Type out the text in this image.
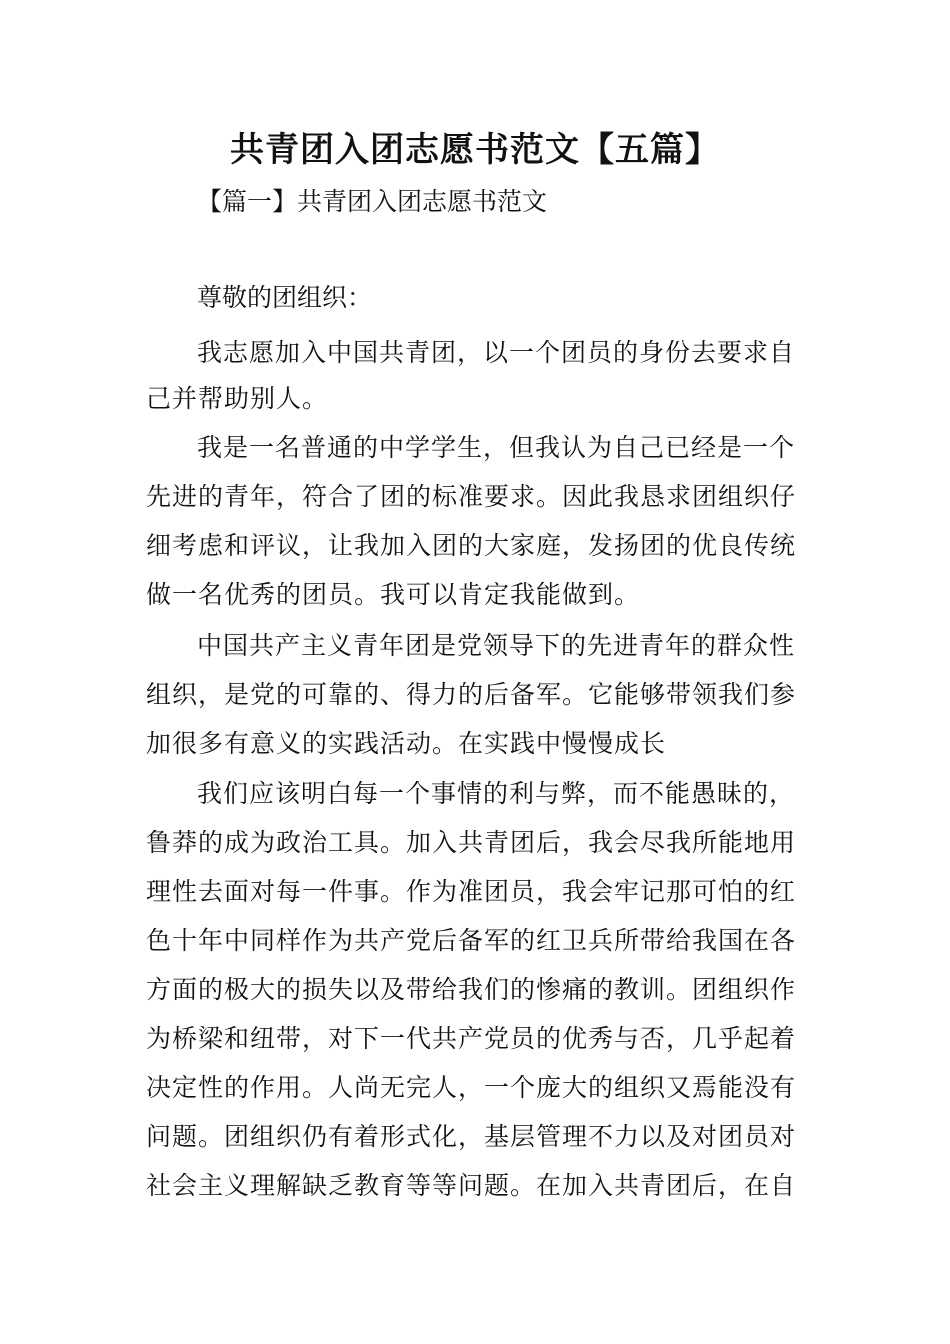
共青团入团志愿书范文【五篇】
【篇一】共青团入团志愿书范文
尊敬的团组织：
我志愿加入中国共青团，以一个团员的身份去要求自
己并帮助别人。
我是一名普通的中学学生，但我认为自己已经是一个
先进的青年，符合了团的标准要求。因此我恳求团组织仔
细考虑和评议，让我加入团的大家庭，发扬团的优良传统
做一名优秀的团员。我可以肯定我能做到。
中国共产主义青年团是党领导下的先进青年的群众性
组织，是党的可靠的、得力的后备军。它能够带领我们参
加很多有意义的实践活动。在实践中慢慢成长
我们应该明白每一个事情的利与弊，而不能愚昧的，
鲁莽的成为政治工具。加入共青团后，我会尽我所能地用
理性去面对每一件事。作为准团员，我会牢记那可怕的红
色十年中同样作为共产党后备军的红卫兵所带给我国在各
方面的极大的损失以及带给我们的惨痛的教训。团组织作
为桥梁和纽带，对下一代共产党员的优秀与否，几乎起着
决定性的作用。人尚无完人，一个庞大的组织又焉能没有
问题。团组织仍有着形式化，基层管理不力以及对团员对
社会主义理解缺乏教育等等问题。在加入共青团后，在自
